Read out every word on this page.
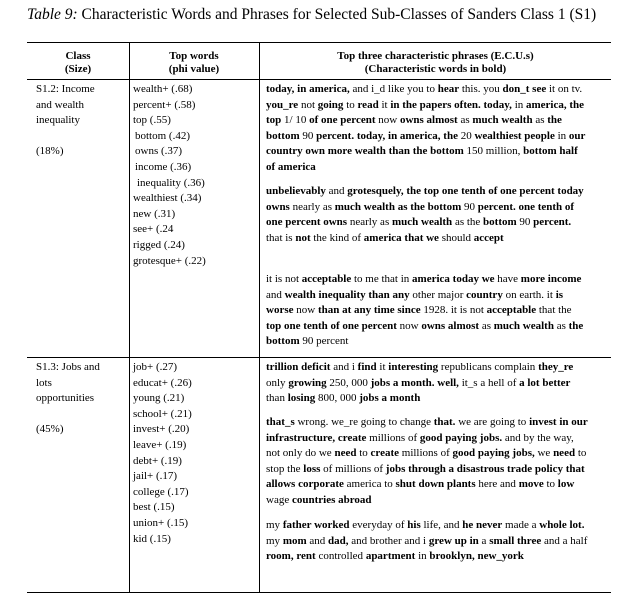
Table 9: Characteristic Words and Phrases for Selected Sub-Classes of Sanders Class 1 (S1)
Class
(Size)
Top words
(phi value)
Top three characteristic phrases (E.C.U.s)
(Characteristic words in bold)
S1.2: Income
and wealth
inequality
(18%)
wealth+ (.68)
percent+ (.58)
top (.55)
bottom (.42)
owns (.37)
income (.36)
inequality (.36)
wealthiest (.34)
new (.31)
see+ (.24
rigged (.24)
grotesque+ (.22)

today, in america, and i_d like you to hear this. you don_t see it on tv. you_re not going to read it in the papers often. today, in america, the top 1/ 10 of one percent now owns almost as much wealth as the bottom 90 percent. today, in america, the 20 wealthiest people in our country own more wealth than the bottom 150 million, bottom half of america

unbelievably and grotesquely, the top one tenth of one percent today owns nearly as much wealth as the bottom 90 percent. one tenth of one percent owns nearly as much wealth as the bottom 90 percent. that is not the kind of america that we should accept

it is not acceptable to me that in america today we have more income and wealth inequality than any other major country on earth. it is worse now than at any time since 1928. it is not acceptable that the top one tenth of one percent now owns almost as much wealth as the bottom 90 percent

S1.3: Jobs and
lots
opportunities
(45%)
job+ (.27)
educat+ (.26)
young (.21)
school+ (.21)
invest+ (.20)
leave+ (.19)
debt+ (.19)
jail+ (.17)
college (.17)
best (.15)
union+ (.15)
kid (.15)

trillion deficit and i find it interesting republicans complain they_re only growing 250, 000 jobs a month. well, it_s a hell of a lot better than losing 800, 000 jobs a month

that_s wrong. we_re going to change that. we are going to invest in our infrastructure, create millions of good paying jobs. and by the way, not only do we need to create millions of good paying jobs, we need to stop the loss of millions of jobs through a disastrous trade policy that allows corporate america to shut down plants here and move to low wage countries abroad

my father worked everyday of his life, and he never made a whole lot. my mom and dad, and brother and i grew up in a small three and a half room, rent controlled apartment in brooklyn, new_york
